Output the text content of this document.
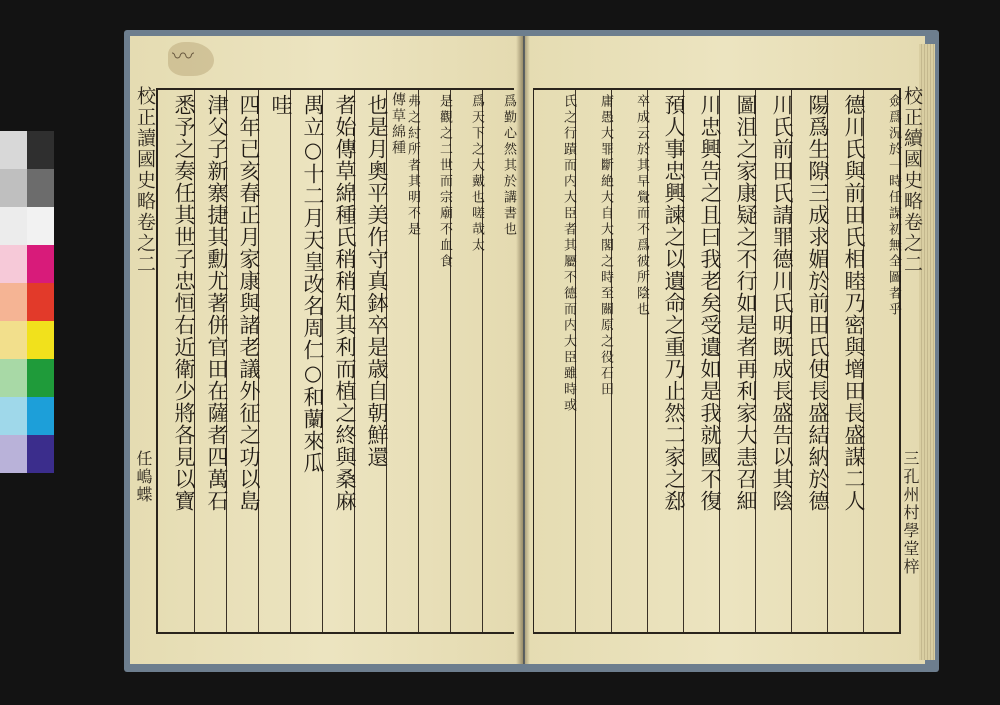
〰
校正讀國史略卷之二
任嶋蝶
傳草綿種	爲勤心然其於講書也
爲天下之大戴也嗟哉太
是觀之二世而宗廟不血食
弗之紂所者其明不是
也是月奧平美作守真鉢卒是歳自朝鮮還
者始傳草綿種氏稍稍知其利而植之終與桑麻
禺立○十二月天皇改名周仁○和蘭來瓜
哇
四年已亥春正月家康與諸老議外征之功以島
津父子新寨捷其勳尤著併官田在薩者四萬石
悉予之奏任其世子忠恒右近衛少將各見以寶	僉爲況於一時任謀初無全圖者乎
德川氏與前田氏相睦乃密與增田長盛謀二人
陽爲生隙三成求媚於前田氏使長盛結納於德
川氏前田氏請罪德川氏明既成長盛告以其陰
圖沮之家康疑之不行如是者再利家大恚召細
川忠興告之且曰我老矣受遺如是我就國不復
預人事忠興諫之以遺命之重乃止然二家之郄
卒成云於其早覺而不爲彼所陰也
庸愚大罪斷絶大自大閣之時至關原之役石田
氏之行蹟而内大臣者其屬不德而内大臣雖時或	校正續國史略卷之二
三孔州村學堂梓
